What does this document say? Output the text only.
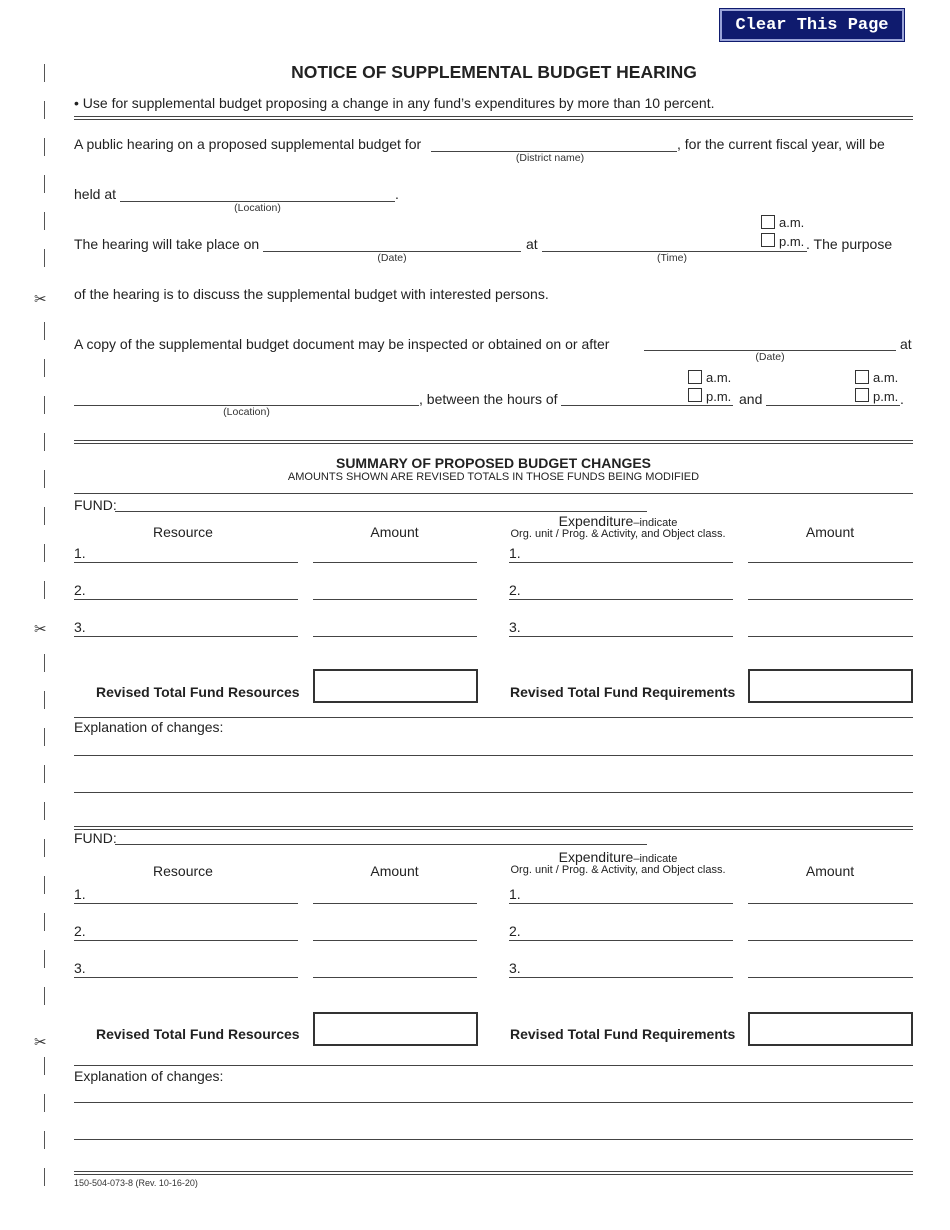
✂
✂
✂
Clear This Page
NOTICE OF SUPPLEMENTAL BUDGET HEARING
• Use for supplemental budget proposing a change in any fund’s expenditures by more than 10 percent.
A public hearing on a proposed supplemental budget for
(District name)
, for the current fiscal year, will be
held at
(Location)
.
a.m.
The hearing will take place on
(Date)
at
(Time)
p.m. . The purpose
of the hearing is to discuss the supplemental budget with interested persons.
A copy of the supplemental budget document may be inspected or obtained on or after
(Date)
at
a.m.	a.m.
(Location)
, between the hours of	p.m. and	p.m. .
SUMMARY OF PROPOSED BUDGET CHANGES
AMOUNTS SHOWN ARE REVISED TOTALS IN THOSE FUNDS BEING MODIFIED
FUND:
Resource	Amount
Expenditure–indicate
Org. unit / Prog. & Activity, and Object class.	Amount
1.	1.
2.	2.
3.	3.
Revised Total Fund Resources	Revised Total Fund Requirements
Explanation of changes:
FUND:
Resource	Amount
Expenditure–indicate
Org. unit / Prog. & Activity, and Object class.	Amount
1.	1.
2.	2.
3.	3.
Revised Total Fund Resources	Revised Total Fund Requirements
Explanation of changes:
150-504-073-8 (Rev. 10-16-20)
